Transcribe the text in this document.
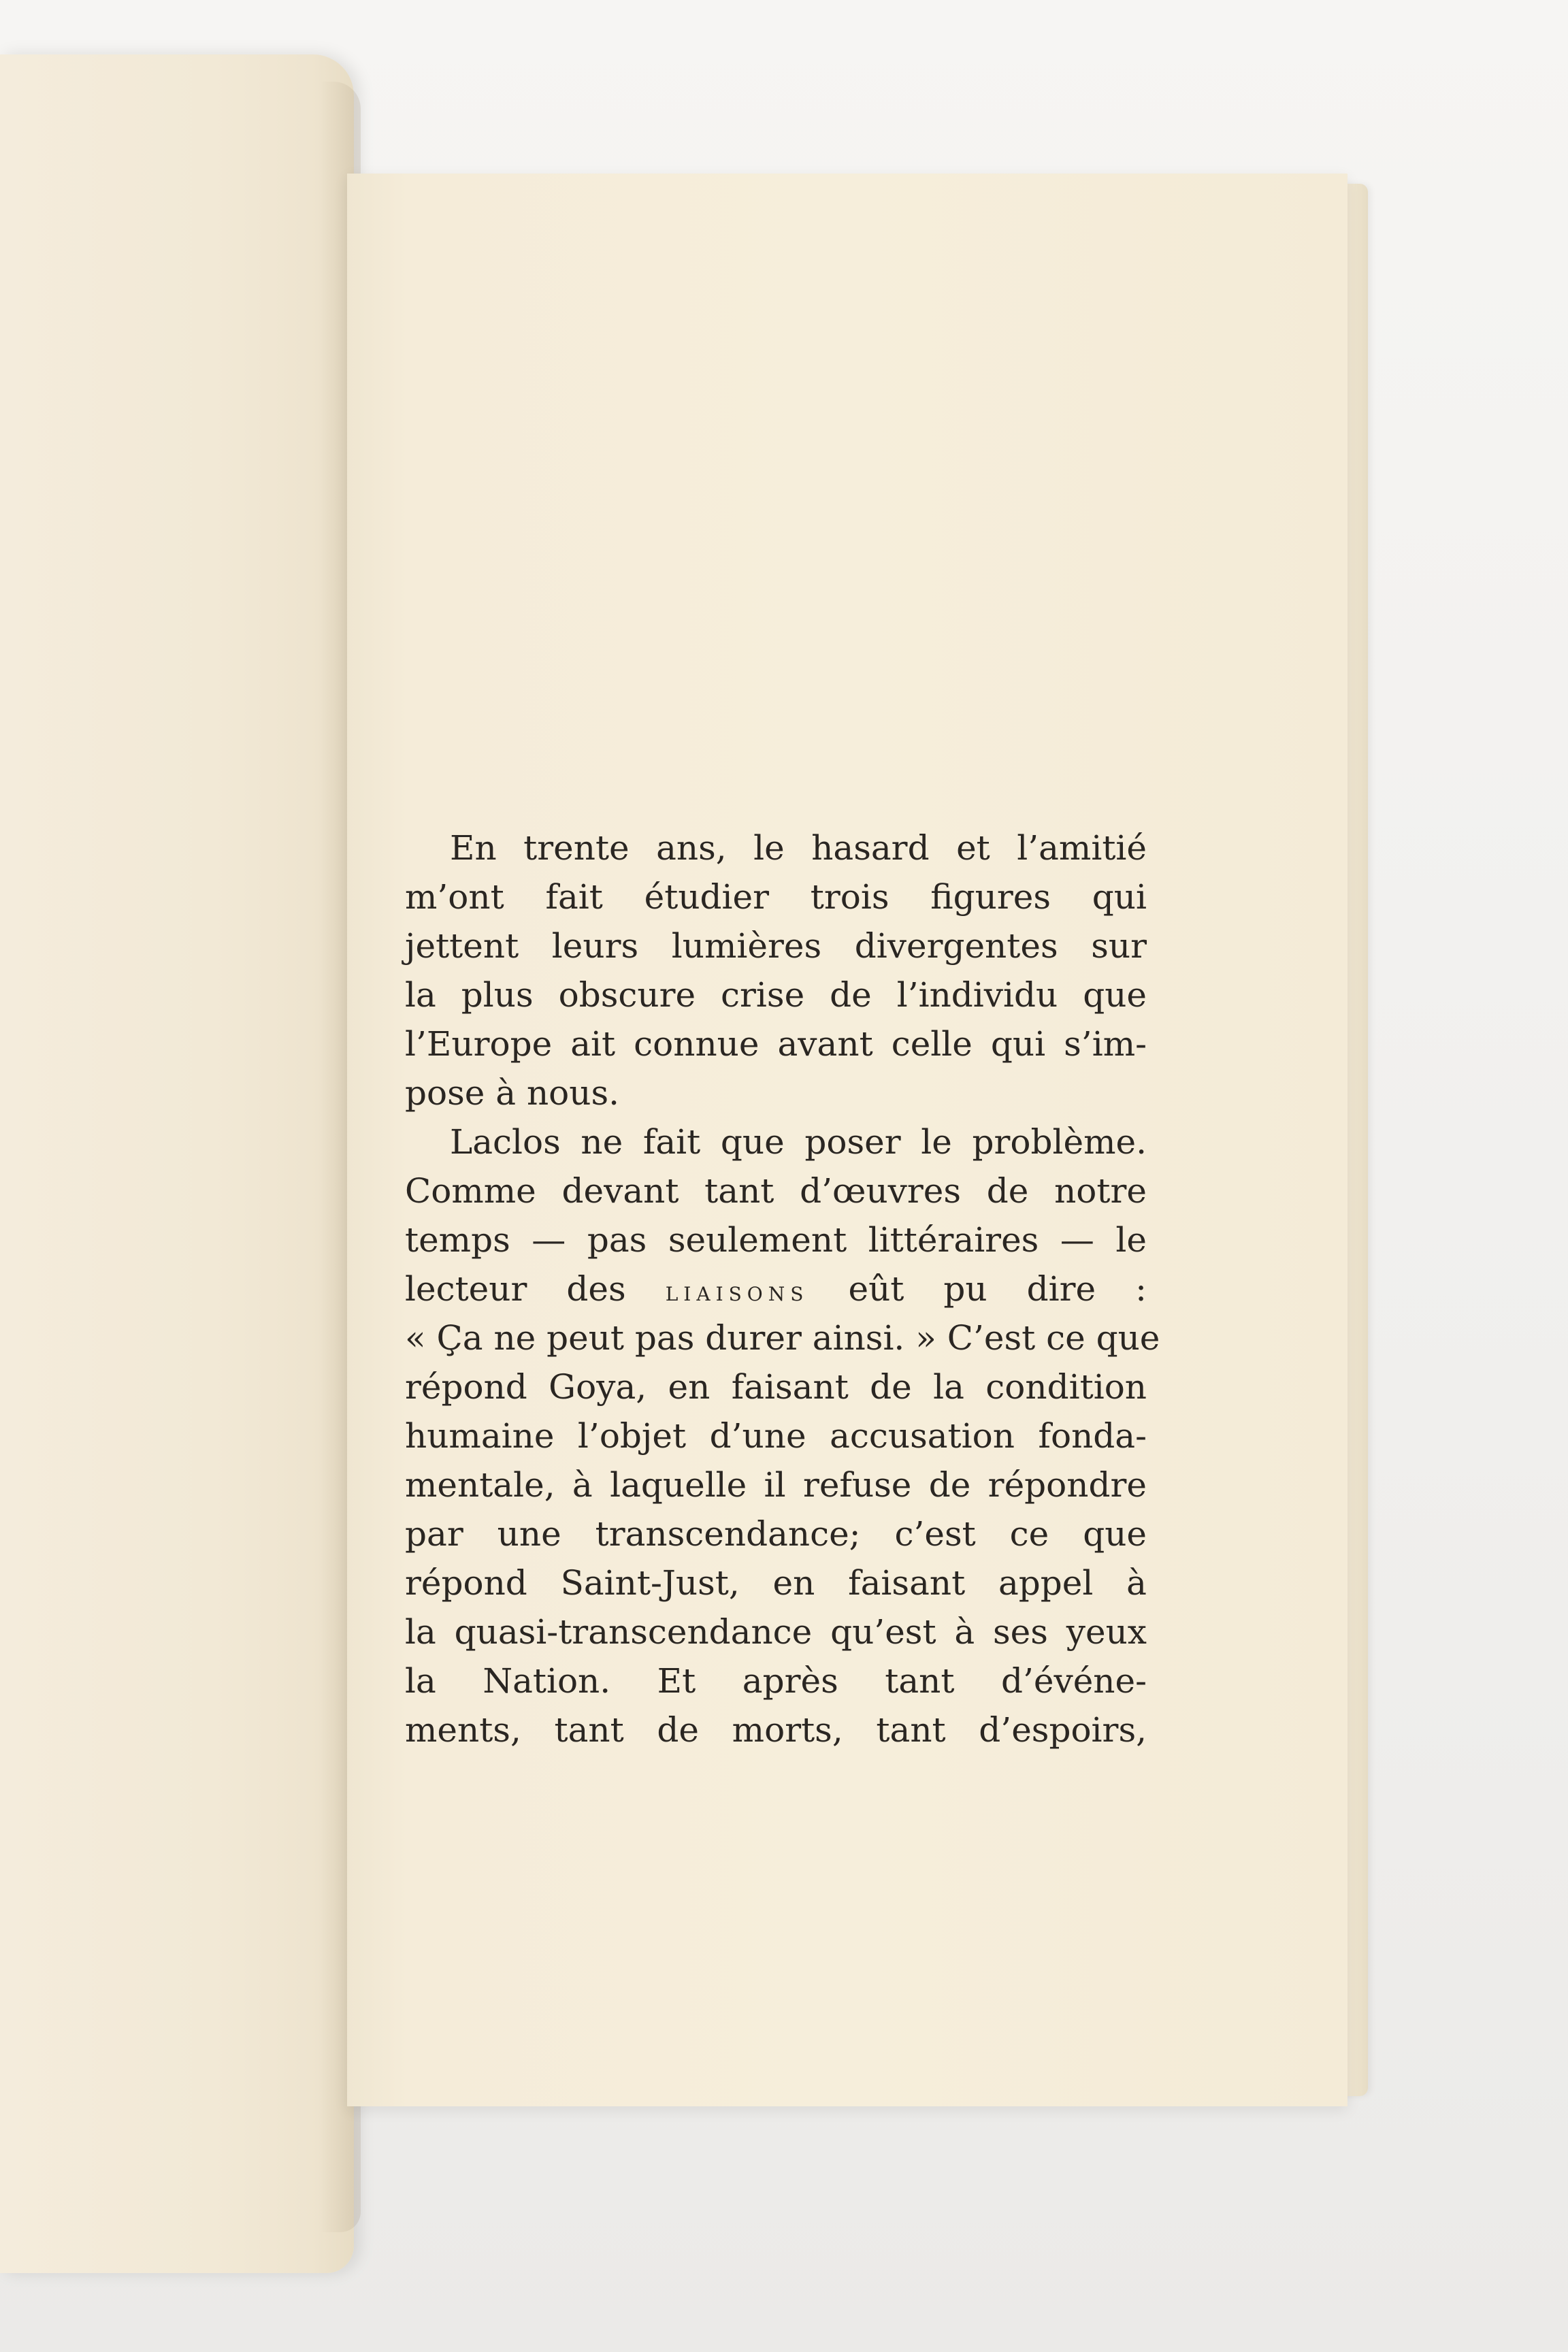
En trente ans, le hasard et l’amitié
m’ont fait étudier trois figures qui
jettent leurs lumières divergentes sur
la plus obscure crise de l’individu que
l’Europe ait connue avant celle qui s’im-
pose à nous.
Laclos ne fait que poser le problème.
Comme devant tant d’œuvres de notre
temps — pas seulement littéraires — le
lecteur des liaisons eût pu dire :
« Ça ne peut pas durer ainsi. » C’est ce que
répond Goya, en faisant de la condition
humaine l’objet d’une accusation fonda-
mentale, à laquelle il refuse de répondre
par une transcendance; c’est ce que
répond Saint-Just, en faisant appel à
la quasi-transcendance qu’est à ses yeux
la Nation. Et après tant d’événe-
ments, tant de morts, tant d’espoirs,
